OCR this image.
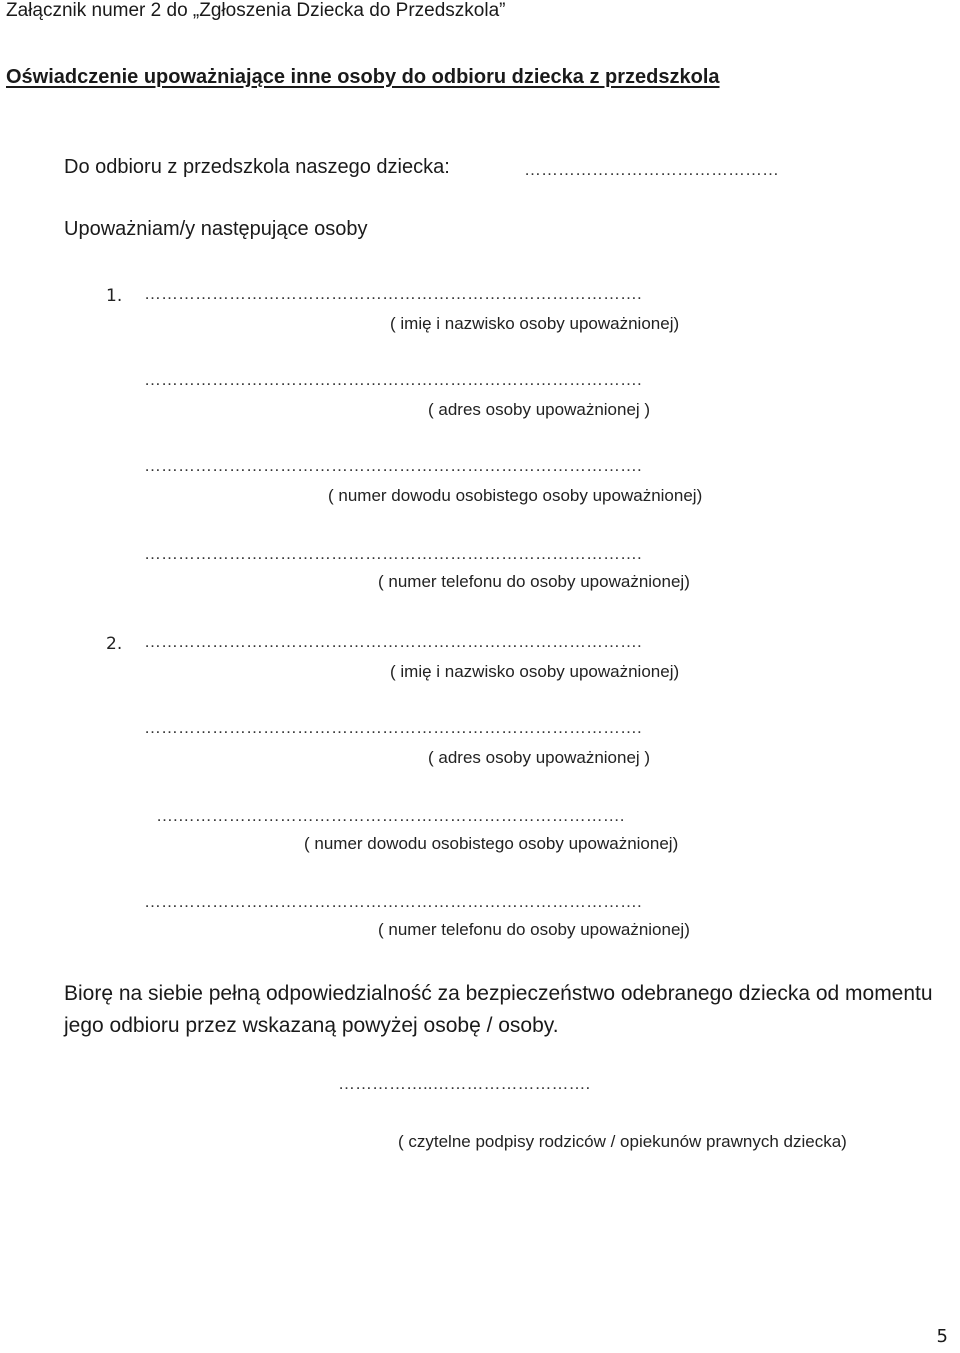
Załącznik numer 2 do „Zgłoszenia Dziecka do Przedszkola”
Oświadczenie upoważniające inne osoby do odbioru dziecka z przedszkola
Do odbioru z przedszkola naszego dziecka:	………………………………………
Upoważniam/y następujące osoby
1. …………………………………………………………………………….
( imię i nazwisko osoby upoważnionej)
…………………………………………………………………………….
( adres osoby upoważnionej )
…………………………………………………………………………….
( numer dowodu osobistego osoby upoważnionej)
…………………………………………………………………………….
( numer telefonu do osoby upoważnionej)
2. …………………………………………………………………………….
( imię i nazwisko osoby upoważnionej)
…………………………………………………………………………….
( adres osoby upoważnionej )
….…………………………………………………………………….
( numer dowodu osobistego osoby upoważnionej)
…………………………………………………………………………….
( numer telefonu do osoby upoważnionej)
Biorę na siebie pełną odpowiedzialność za bezpieczeństwo odebranego dziecka od momentu jego odbioru przez wskazaną powyżej osobę / osoby.
……………..……………………….
( czytelne podpisy rodziców / opiekunów prawnych dziecka)
5
